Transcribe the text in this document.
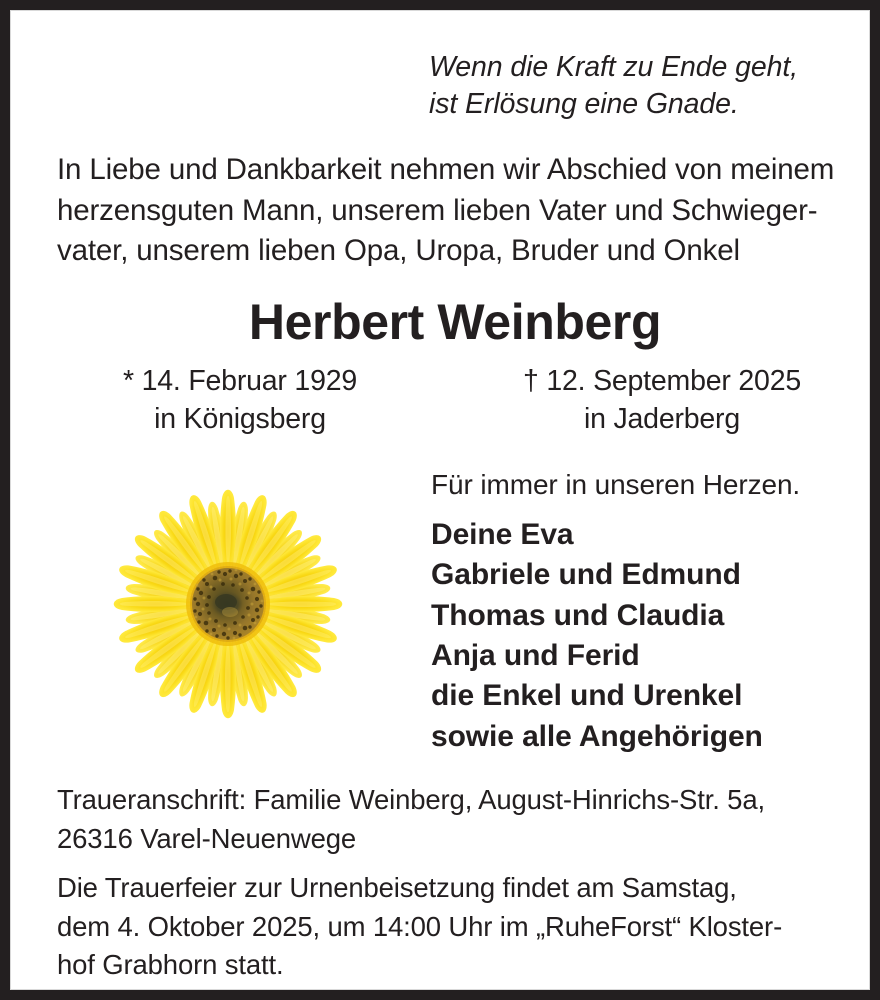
Wenn die Kraft zu Ende geht,
ist Erlösung eine Gnade.
In Liebe und Dankbarkeit nehmen wir Abschied von meinem
herzensguten Mann, unserem lieben Vater und Schwieger-
vater, unserem lieben Opa, Uropa, Bruder und Onkel
Herbert Weinberg
* 14. Februar 1929
in Königsberg
† 12. September 2025
in Jaderberg
Für immer in unseren Herzen.
Deine Eva
Gabriele und Edmund
Thomas und Claudia
Anja und Ferid
die Enkel und Urenkel
sowie alle Angehörigen
Traueranschrift: Familie Weinberg, August-Hinrichs-Str. 5a,
26316 Varel-Neuenwege
Die Trauerfeier zur Urnenbeisetzung findet am Samstag,
dem 4. Oktober 2025, um 14:00 Uhr im „RuheForst“ Kloster-
hof Grabhorn statt.
